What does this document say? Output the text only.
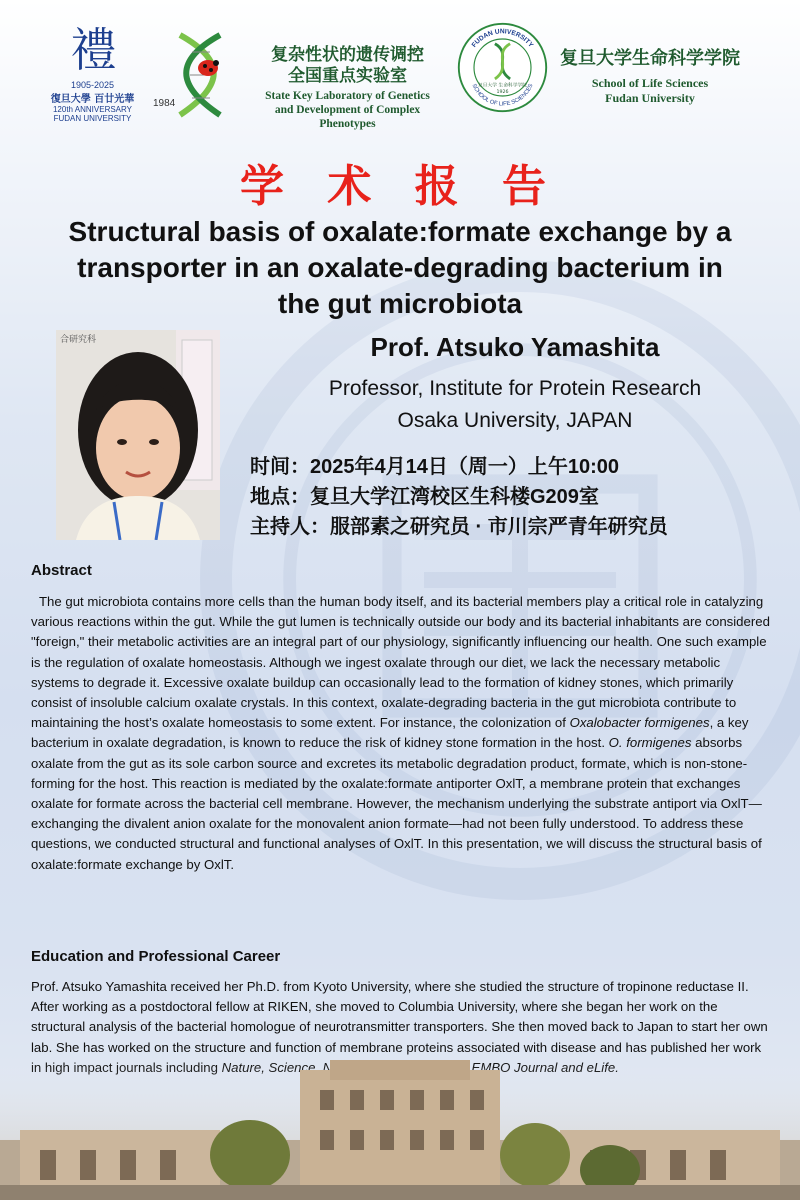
禮
1905-2025
復旦大學 百廿光華
120th ANNIVERSARY
FUDAN UNIVERSITY
1984
复杂性状的遗传调控
全国重点实验室
State Key Laboratory of Genetics
and Development of Complex
Phenotypes
FUDAN UNIVERSITY
SCHOOL OF LIFE SCIENCES
复旦大学 生命科学学院
1926
复旦大学生命科学学院
School of Life Sciences
Fudan University
学 术 报 告
Structural basis of oxalate:formate exchange by a
transporter in an oxalate-degrading bacterium in
the gut microbiota
合研究科	Prof. Atsuko Yamashita
Professor, Institute for Protein Research
Osaka University, JAPAN
时间：2025年4月14日（周一）上午10:00
地点：复旦大学江湾校区生科楼G209室
主持人：服部素之研究员 · 市川宗严青年研究员
Abstract
The gut microbiota contains more cells than the human body itself, and its bacterial members play a critical role in catalyzing various reactions within the gut. While the gut lumen is technically outside our body and its bacterial inhabitants are considered "foreign," their metabolic activities are an integral part of our physiology, significantly influencing our health. One such example is the regulation of oxalate homeostasis. Although we ingest oxalate through our diet, we lack the necessary metabolic systems to degrade it. Excessive oxalate buildup can occasionally lead to the formation of kidney stones, which primarily consist of insoluble calcium oxalate crystals. In this context, oxalate-degrading bacteria in the gut microbiota contribute to maintaining the host’s oxalate homeostasis to some extent. For instance, the colonization of Oxalobacter formigenes, a key bacterium in oxalate degradation, is known to reduce the risk of kidney stone formation in the host. O. formigenes absorbs oxalate from the gut as its sole carbon source and excretes its metabolic degradation product, formate, which is non-stone-forming for the host. This reaction is mediated by the oxalate:formate antiporter OxlT, a membrane protein that exchanges oxalate for formate across the bacterial cell membrane. However, the mechanism underlying the substrate antiport via OxlT—exchanging the divalent anion oxalate for the monovalent anion formate—had not been fully understood. To address these questions, we conducted structural and functional analyses of OxlT. In this presentation, we will discuss the structural basis of oxalate:formate exchange by OxlT.
Education and Professional Career
Prof. Atsuko Yamashita received her Ph.D. from Kyoto University, where she studied the structure of tropinone reductase II. After working as a postdoctoral fellow at RIKEN, she moved to Columbia University, where she began her work on the structural analysis of the bacterial homologue of neurotransmitter transporters. She then moved back to Japan to start her own lab. She has worked on the structure and function of membrane proteins associated with disease and has published her work
